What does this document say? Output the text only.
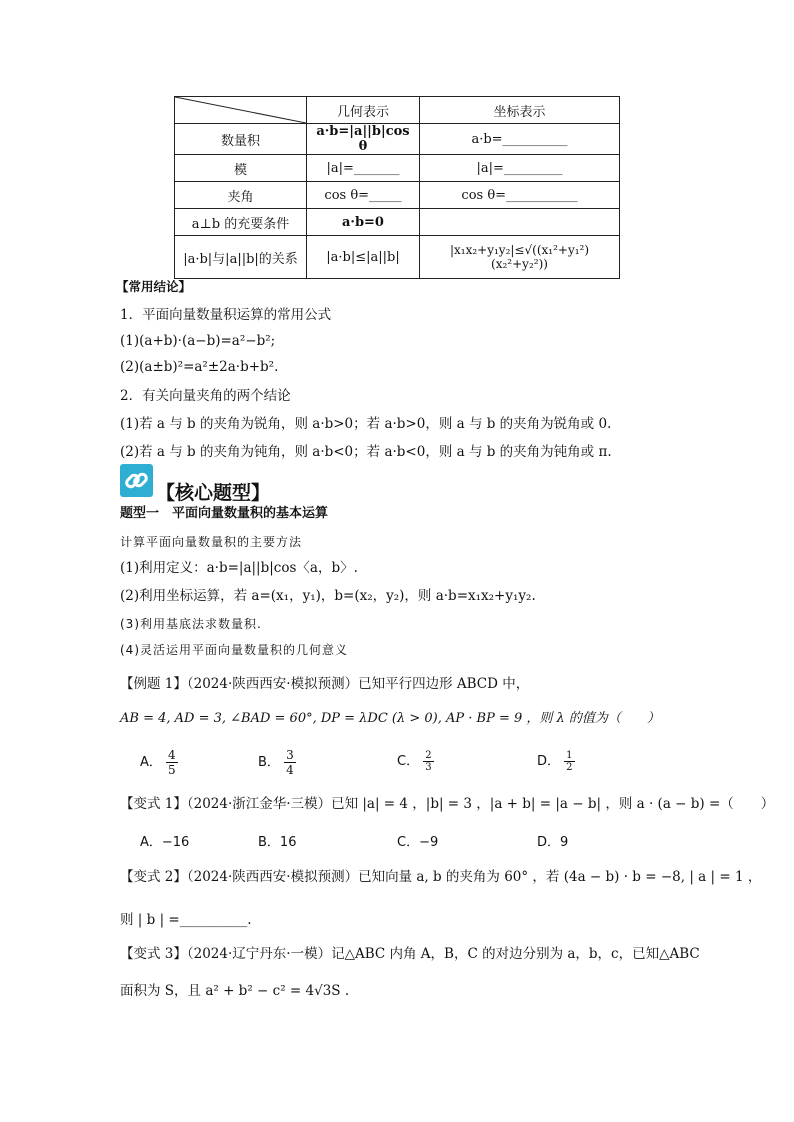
	几何表示	坐标表示
数量积	a·b=|a||b|cos θ	a·b=__________
模	|a|=_______	|a|=_________
夹角	cos θ=_____	cos θ=___________
a⊥b 的充要条件	a·b=0	
|a·b|与|a||b|的关系	|a·b|≤|a||b|	|x₁x₂+y₁y₂|≤√((x₁²+y₁²)(x₂²+y₂²))
【常用结论】
1．平面向量数量积运算的常用公式
(1)(a+b)·(a−b)=a²−b²;
(2)(a±b)²=a²±2a·b+b².
2．有关向量夹角的两个结论
(1)若 a 与 b 的夹角为锐角，则 a·b>0；若 a·b>0，则 a 与 b 的夹角为锐角或 0.
(2)若 a 与 b 的夹角为钝角，则 a·b<0；若 a·b<0，则 a 与 b 的夹角为钝角或 π.
【核心题型】
题型一　平面向量数量积的基本运算
计算平面向量数量积的主要方法
(1)利用定义：a·b=|a||b|cos〈a，b〉.
(2)利用坐标运算，若 a=(x₁，y₁)，b=(x₂，y₂)，则 a·b=x₁x₂+y₁y₂.
(3)利用基底法求数量积.
(4)灵活运用平面向量数量积的几何意义
【例题 1】（2024·陕西西安·模拟预测）已知平行四边形 ABCD 中，
AB = 4, AD = 3, ∠BAD = 60°, DP = λDC (λ > 0), AP · BP = 9 ，则 λ 的值为（　　）
A． $\frac{4}{5}$	B． $\frac{3}{4}$	C． $\frac{2}{3}$	D． $\frac{1}{2}$
【变式 1】（2024·浙江金华·三模）已知 |a| = 4 ，|b| = 3 ，|a + b| = |a − b| ，则 a · (a − b) =（　　）
A．−16	B．16	C．−9	D．9
【变式 2】（2024·陕西西安·模拟预测）已知向量 a, b 的夹角为 60° ，若 (4a − b) · b = −8, | a | = 1 ，
则 | b | =__________.
【变式 3】（2024·辽宁丹东·一模）记△ABC 内角 A，B，C 的对边分别为 a，b，c，已知△ABC
面积为 S，且 a² + b² − c² = 4√3S .
